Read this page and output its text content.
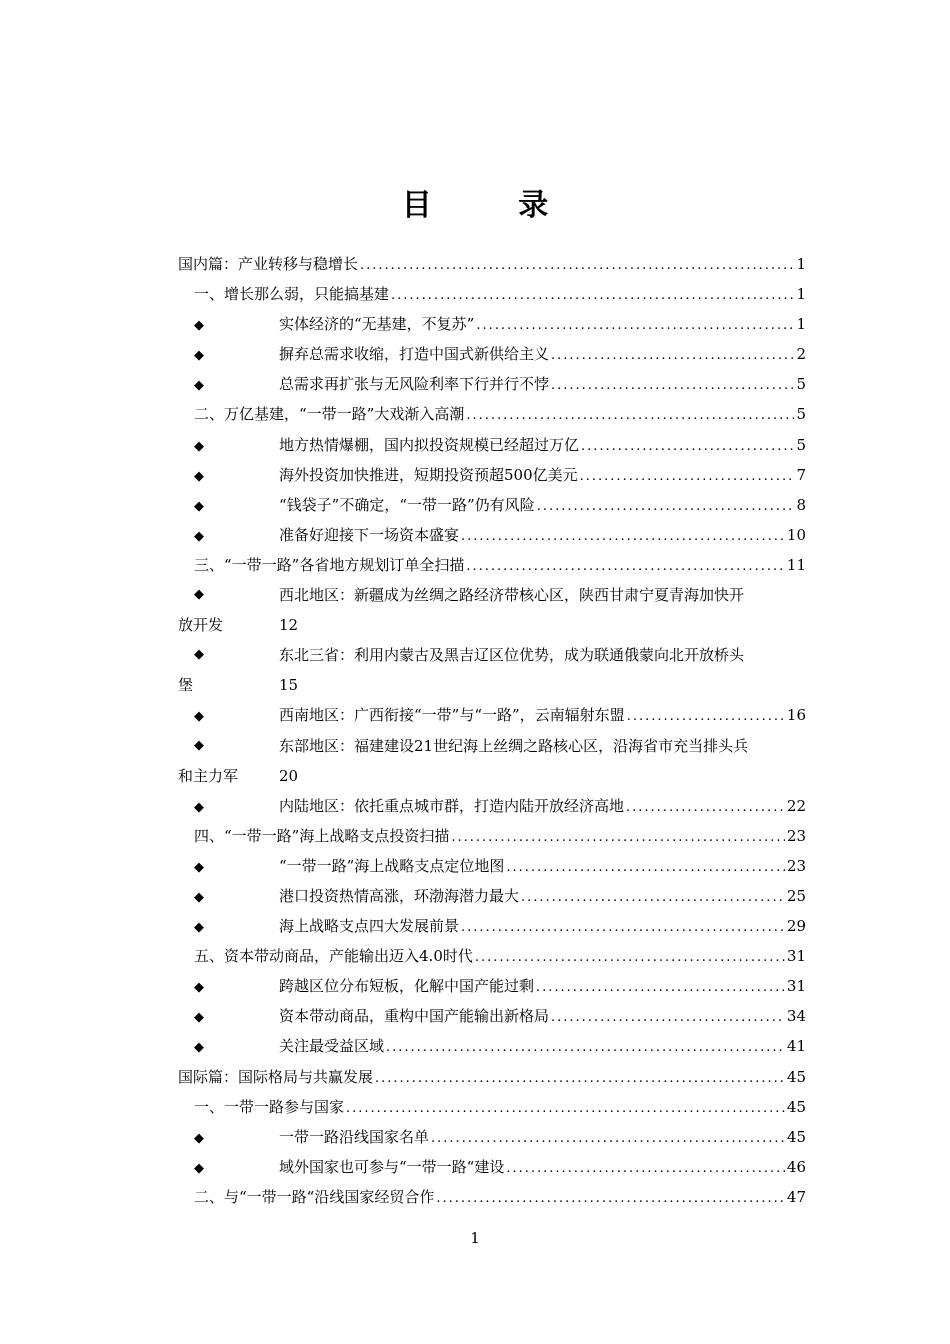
目 录
国内篇：产业转移与稳增长 .....	1
一、增长那么弱，只能搞基建 .....	1
◆	实体经济的“无基建，不复苏” .....	1
◆	摒弃总需求收缩，打造中国式新供给主义 .....	2
◆	总需求再扩张与无风险利率下行并行不悖 .....	5
二、万亿基建，“一带一路”大戏渐入高潮 .....	5
◆	地方热情爆棚，国内拟投资规模已经超过万亿 .....	5
◆	海外投资加快推进，短期投资预超500亿美元 .....	7
◆	“钱袋子”不确定，“一带一路”仍有风险 .....	8
◆	准备好迎接下一场资本盛宴 .....	10
三、“一带一路”各省地方规划订单全扫描 .....	11
◆	西北地区：新疆成为丝绸之路经济带核心区，陕西甘肃宁夏青海加快开
放开发	12
◆	东北三省：利用内蒙古及黑吉辽区位优势，成为联通俄蒙向北开放桥头
堡	15
◆	西南地区：广西衔接“一带”与“一路”，云南辐射东盟 .....	16
◆	东部地区：福建建设21世纪海上丝绸之路核心区，沿海省市充当排头兵
和主力军	20
◆	内陆地区：依托重点城市群，打造内陆开放经济高地 .....	22
四、“一带一路”海上战略支点投资扫描 .....	23
◆	“一带一路”海上战略支点定位地图 .....	23
◆	港口投资热情高涨，环渤海潜力最大 .....	25
◆	海上战略支点四大发展前景 .....	29
五、资本带动商品，产能输出迈入4.0时代 .....	31
◆	跨越区位分布短板，化解中国产能过剩 .....	31
◆	资本带动商品，重构中国产能输出新格局 .....	34
◆	关注最受益区域 .....	41
国际篇：国际格局与共赢发展 .....	45
一、一带一路参与国家 .....	45
◆	一带一路沿线国家名单 .....	45
◆	域外国家也可参与“一带一路“建设 .....	46
二、与“一带一路“沿线国家经贸合作 .....	47
1
